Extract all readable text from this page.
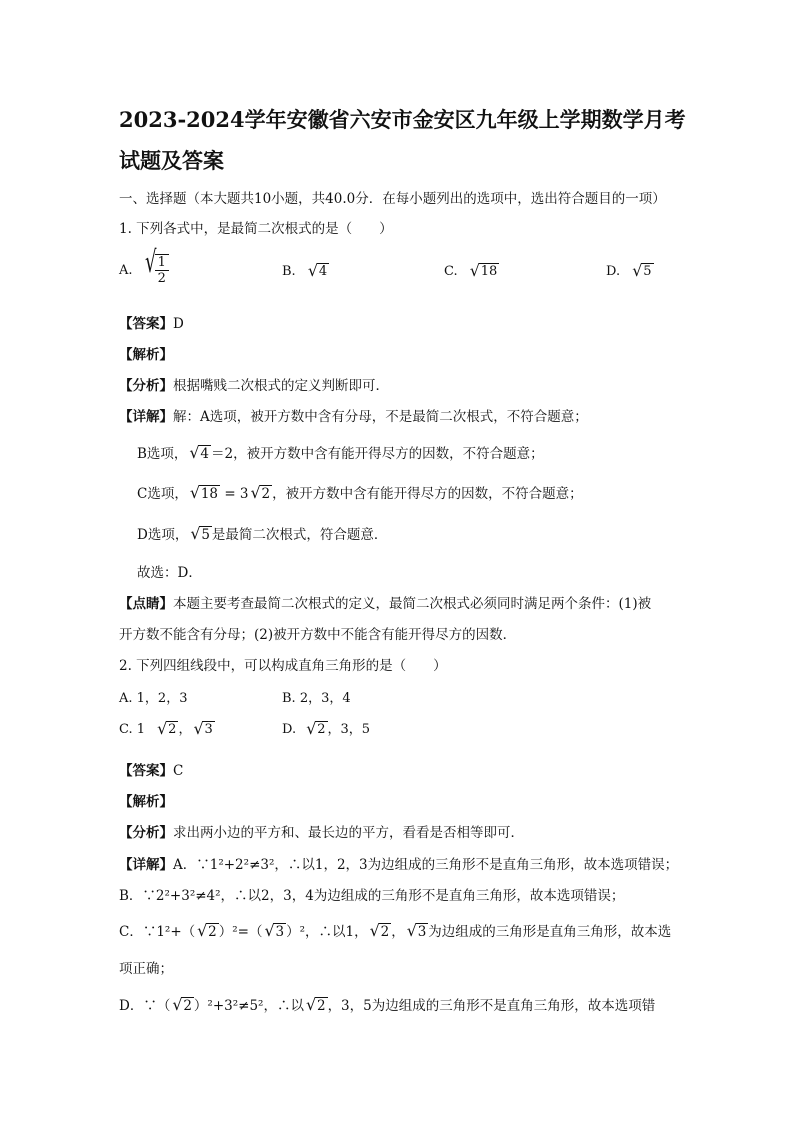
2023-2024学年安徽省六安市金安区九年级上学期数学月考
试题及答案
一、选择题（本大题共10小题，共40.0分．在每小题列出的选项中，选出符合题目的一项）
1. 下列各式中，是最简二次根式的是（　　）
A. √
$\frac{1}{2}$	B. √ 4	C. √ 18	D. √ 5
【答案】D
【解析】
【分析】根据嘴贱二次根式的定义判断即可．
【详解】解：A选项，被开方数中含有分母，不是最简二次根式，不符合题意；
B选项， √ 4 ＝2，被开方数中含有能开得尽方的因数，不符合题意；
C选项， √ 18 = 3 √ 2 ，被开方数中含有能开得尽方的因数，不符合题意；
D选项， √ 5 是最简二次根式，符合题意．
故选：D．
【点睛】本题主要考查最简二次根式的定义，最简二次根式必须同时满足两个条件：(1)被
开方数不能含有分母；(2)被开方数中不能含有能开得尽方的因数．
2. 下列四组线段中，可以构成直角三角形的是（　　）
A. 1，2，3	B. 2，3，4
C. 1 √ 2 ， √ 3	D. √ 2 ，3，5
【答案】C
【解析】
【分析】求出两小边的平方和、最长边的平方，看看是否相等即可．
【详解】A．∵1²+2²≠3²，∴以1，2，3为边组成的三角形不是直角三角形，故本选项错误；
B．∵2²+3²≠4²，∴以2，3，4为边组成的三角形不是直角三角形，故本选项错误；
C．∵1²+（ √ 2 ）²=（ √ 3 ）²，∴以1， √ 2 ， √ 3 为边组成的三角形是直角三角形，故本选
项正确；
D．∵（ √ 2 ）²+3²≠5²，∴以 √ 2 ，3，5为边组成的三角形不是直角三角形，故本选项错
